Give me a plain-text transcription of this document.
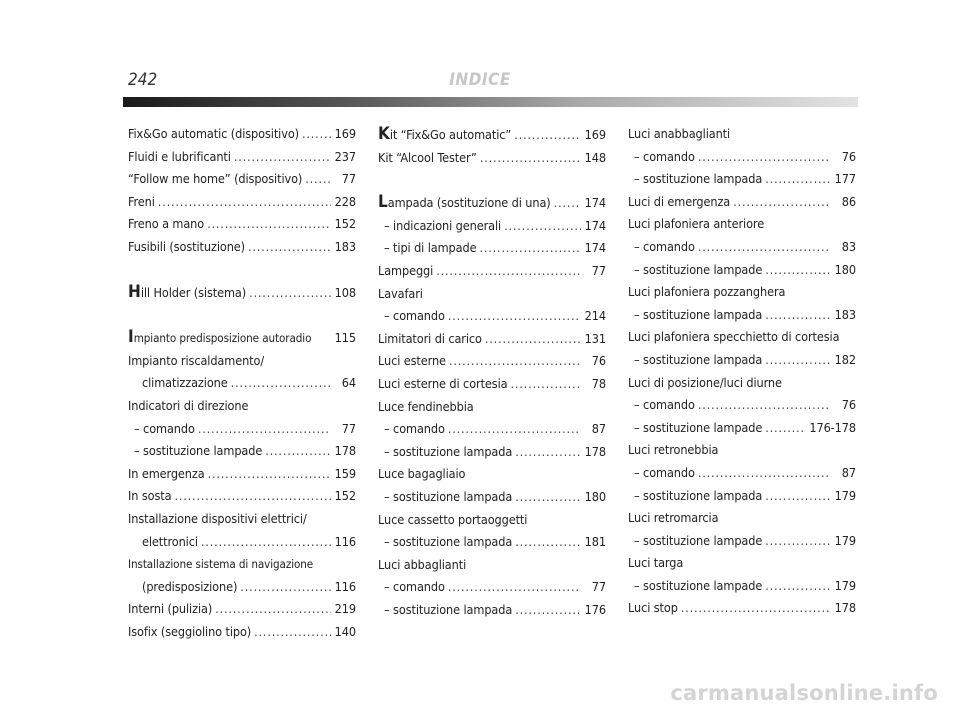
242	INDICE
Fix&Go automatic (dispositivo) .....	169
Fluidi e lubrificanti .....	237
“Follow me home” (dispositivo) .....	77
Freni .....	228
Freno a mano .....	152
Fusibili (sostituzione) .....	183
Hill Holder (sistema) .....	108
Impianto predisposizione autoradio 115
Impianto riscaldamento/
climatizzazione .....	64
Indicatori di direzione
– comando .....	77
– sostituzione lampade .....	178
In emergenza .....	159
In sosta .....	152
Installazione dispositivi elettrici/
elettronici .....	116
Installazione sistema di navigazione
(predisposizione) .....	116
Interni (pulizia) .....	219
Isofix (seggiolino tipo) .....	140
Kit “Fix&Go automatic” .....	169
Kit “Alcool Tester” .....	148
Lampada (sostituzione di una) .....	174
– indicazioni generali .....	174
– tipi di lampade .....	174
Lampeggi .....	77
Lavafari
– comando .....	214
Limitatori di carico .....	131
Luci esterne .....	76
Luci esterne di cortesia .....	78
Luce fendinebbia
– comando .....	87
– sostituzione lampada .....	178
Luce bagagliaio
– sostituzione lampada .....	180
Luce cassetto portaoggetti
– sostituzione lampada .....	181
Luci abbaglianti
– comando .....	77
– sostituzione lampada .....	176
Luci anabbaglianti
– comando .....	76
– sostituzione lampada .....	177
Luci di emergenza .....	86
Luci plafoniera anteriore
– comando .....	83
– sostituzione lampade .....	180
Luci plafoniera pozzanghera
– sostituzione lampada .....	183
Luci plafoniera specchietto di cortesia
– sostituzione lampada .....	182
Luci di posizione/luci diurne
– comando .....	76
– sostituzione lampade .....	176-178
Luci retronebbia
– comando .....	87
– sostituzione lampada .....	179
Luci retromarcia
– sostituzione lampade .....	179
Luci targa
– sostituzione lampade .....	179
Luci stop .....	178
carmanualsonline.info
